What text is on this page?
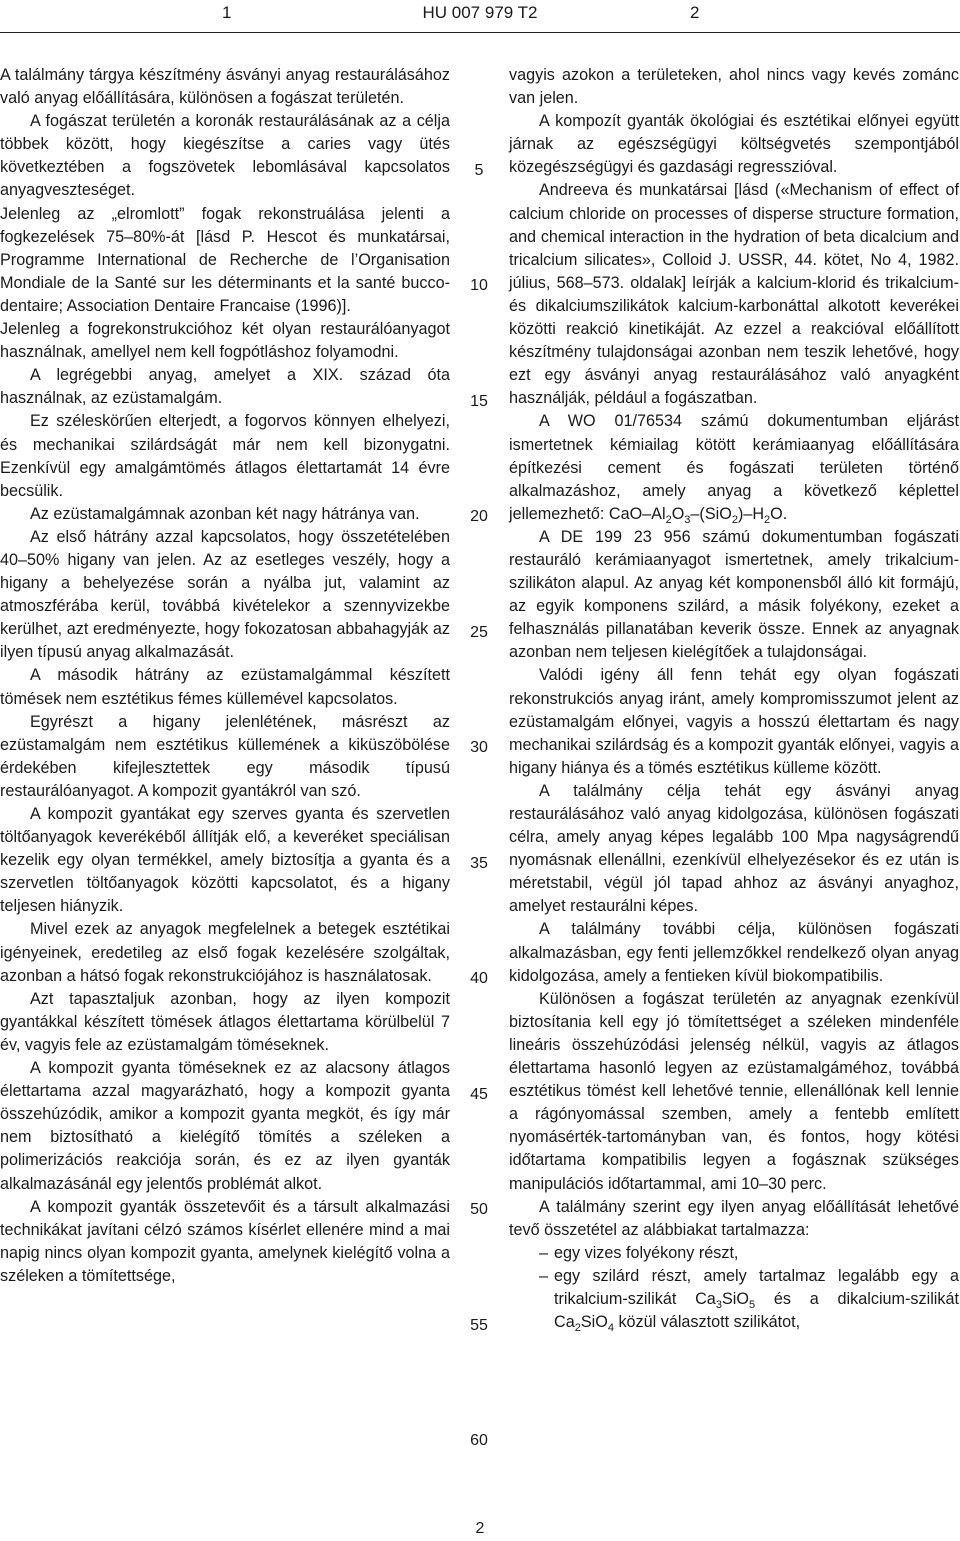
1	HU 007 979 T2	2

A találmány tárgya készítmény ásványi anyag restaurálásához való anyag előállítására, különösen a fogászat területén.

A fogászat területén a koronák restaurálásának az a célja többek között, hogy kiegészítse a caries vagy ütés következtében a fogszövetek lebomlásával kapcsolatos anyagveszteséget.

Jelenleg az „elromlott” fogak rekonstruálása jelenti a fogkezelések 75–80%-át [lásd P. Hescot és munkatársai, Programme International de Recherche de l’Organisation Mondiale de la Santé sur les déterminants et la santé bucco-dentaire; Association Dentaire Francaise (1996)].

Jelenleg a fogrekonstrukcióhoz két olyan restaurálóanyagot használnak, amellyel nem kell fogpótláshoz folyamodni.

A legrégebbi anyag, amelyet a XIX. század óta használnak, az ezüstamalgám.

Ez széleskörűen elterjedt, a fogorvos könnyen elhelyezi, és mechanikai szilárdságát már nem kell bizonygatni. Ezenkívül egy amalgámtömés átlagos élettartamát 14 évre becsülik.

Az ezüstamalgámnak azonban két nagy hátránya van.

Az első hátrány azzal kapcsolatos, hogy összetételében 40–50% higany van jelen. Az az esetleges veszély, hogy a higany a behelyezése során a nyálba jut, valamint az atmoszférába kerül, továbbá kivételekor a szennyvizekbe kerülhet, azt eredményezte, hogy fokozatosan abbahagyják az ilyen típusú anyag alkalmazását.

A második hátrány az ezüstamalgámmal készített tömések nem esztétikus fémes küllemével kapcsolatos.

Egyrészt a higany jelenlétének, másrészt az ezüstamalgám nem esztétikus küllemének a kiküszöbölése érdekében kifejlesztettek egy második típusú restaurálóanyagot. A kompozit gyantákról van szó.

A kompozit gyantákat egy szerves gyanta és szervetlen töltőanyagok keverékéből állítják elő, a keveréket speciálisan kezelik egy olyan termékkel, amely biztosítja a gyanta és a szervetlen töltőanyagok közötti kapcsolatot, és a higany teljesen hiányzik.

Mivel ezek az anyagok megfelelnek a betegek esztétikai igényeinek, eredetileg az első fogak kezelésére szolgáltak, azonban a hátsó fogak rekonstrukciójához is használatosak.

Azt tapasztaljuk azonban, hogy az ilyen kompozit gyantákkal készített tömések átlagos élettartama körülbelül 7 év, vagyis fele az ezüstamalgám töméseknek.

A kompozit gyanta töméseknek ez az alacsony átlagos élettartama azzal magyarázható, hogy a kompozit gyanta összehúzódik, amikor a kompozit gyanta megköt, és így már nem biztosítható a kielégítő tömítés a széleken a polimerizációs reakciója során, és ez az ilyen gyanták alkalmazásánál egy jelentős problémát alkot.

A kompozit gyanták összetevőit és a társult alkalmazási technikákat javítani célzó számos kísérlet ellenére mind a mai napig nincs olyan kompozit gyanta, amelynek kielégítő volna a széleken a tömítettsége,

5
10
15
20
25
30
35
40
45
50
55
60

vagyis azokon a területeken, ahol nincs vagy kevés zománc van jelen.

A kompozít gyanták ökológiai és esztétikai előnyei együtt járnak az egészségügyi költségvetés szempontjából közegészségügyi és gazdasági regresszióval.

Andreeva és munkatársai [lásd («Mechanism of effect of calcium chloride on processes of disperse structure formation, and chemical interaction in the hydration of beta dicalcium and tricalcium silicates», Colloid J. USSR, 44. kötet, No 4, 1982. július, 568–573. oldalak] leírják a kalcium-klorid és trikalcium- és dikalciumszilikátok kalcium-karbonáttal alkotott keverékei közötti reakció kinetikáját. Az ezzel a reakcióval előállított készítmény tulajdonságai azonban nem teszik lehetővé, hogy ezt egy ásványi anyag restaurálásához való anyagként használják, például a fogászatban.

A WO 01/76534 számú dokumentumban eljárást ismertetnek kémiailag kötött kerámiaanyag előállítására építkezési cement és fogászati területen történő alkalmazáshoz, amely anyag a következő képlettel jellemezhető: CaO–$Al_2O_3-(SiO_2)-H_2O$.

A DE 199 23 956 számú dokumentumban fogászati restauráló kerámiaanyagot ismertetnek, amely trikalcium-szilikáton alapul. Az anyag két komponensből álló kit formájú, az egyik komponens szilárd, a másik folyékony, ezeket a felhasználás pillanatában keverik össze. Ennek az anyagnak azonban nem teljesen kielégítőek a tulajdonságai.

Valódi igény áll fenn tehát egy olyan fogászati rekonstrukciós anyag iránt, amely kompromisszumot jelent az ezüstamalgám előnyei, vagyis a hosszú élettartam és nagy mechanikai szilárdság és a kompozit gyanták előnyei, vagyis a higany hiánya és a tömés esztétikus külleme között.

A találmány célja tehát egy ásványi anyag restaurálásához való anyag kidolgozása, különösen fogászati célra, amely anyag képes legalább 100 Mpa nagyságrendű nyomásnak ellenállni, ezenkívül elhelyezésekor és ez után is méretstabil, végül jól tapad ahhoz az ásványi anyaghoz, amelyet restaurálni képes.

A találmány további célja, különösen fogászati alkalmazásban, egy fenti jellemzőkkel rendelkező olyan anyag kidolgozása, amely a fentieken kívül biokompatibilis.

Különösen a fogászat területén az anyagnak ezenkívül biztosítania kell egy jó tömítettséget a széleken mindenféle lineáris összehúzódási jelenség nélkül, vagyis az átlagos élettartama hasonló legyen az ezüstamalgáméhoz, továbbá esztétikus tömést kell lehetővé tennie, ellenállónak kell lennie a rágónyomással szemben, amely a fentebb említett nyomásérték-tartományban van, és fontos, hogy kötési időtartama kompatibilis legyen a fogásznak szükséges manipulációs időtartammal, ami 10–30 perc.

A találmány szerint egy ilyen anyag előállítását lehetővé tevő összetétel az alábbiakat tartalmazza:

– egy vizes folyékony részt,
– egy szilárd részt, amely tartalmaz legalább egy a trikalcium-szilikát $Ca_3SiO_5$ és a dikalcium-szilikát $Ca_2SiO_4$ közül választott szilikátot,
2
